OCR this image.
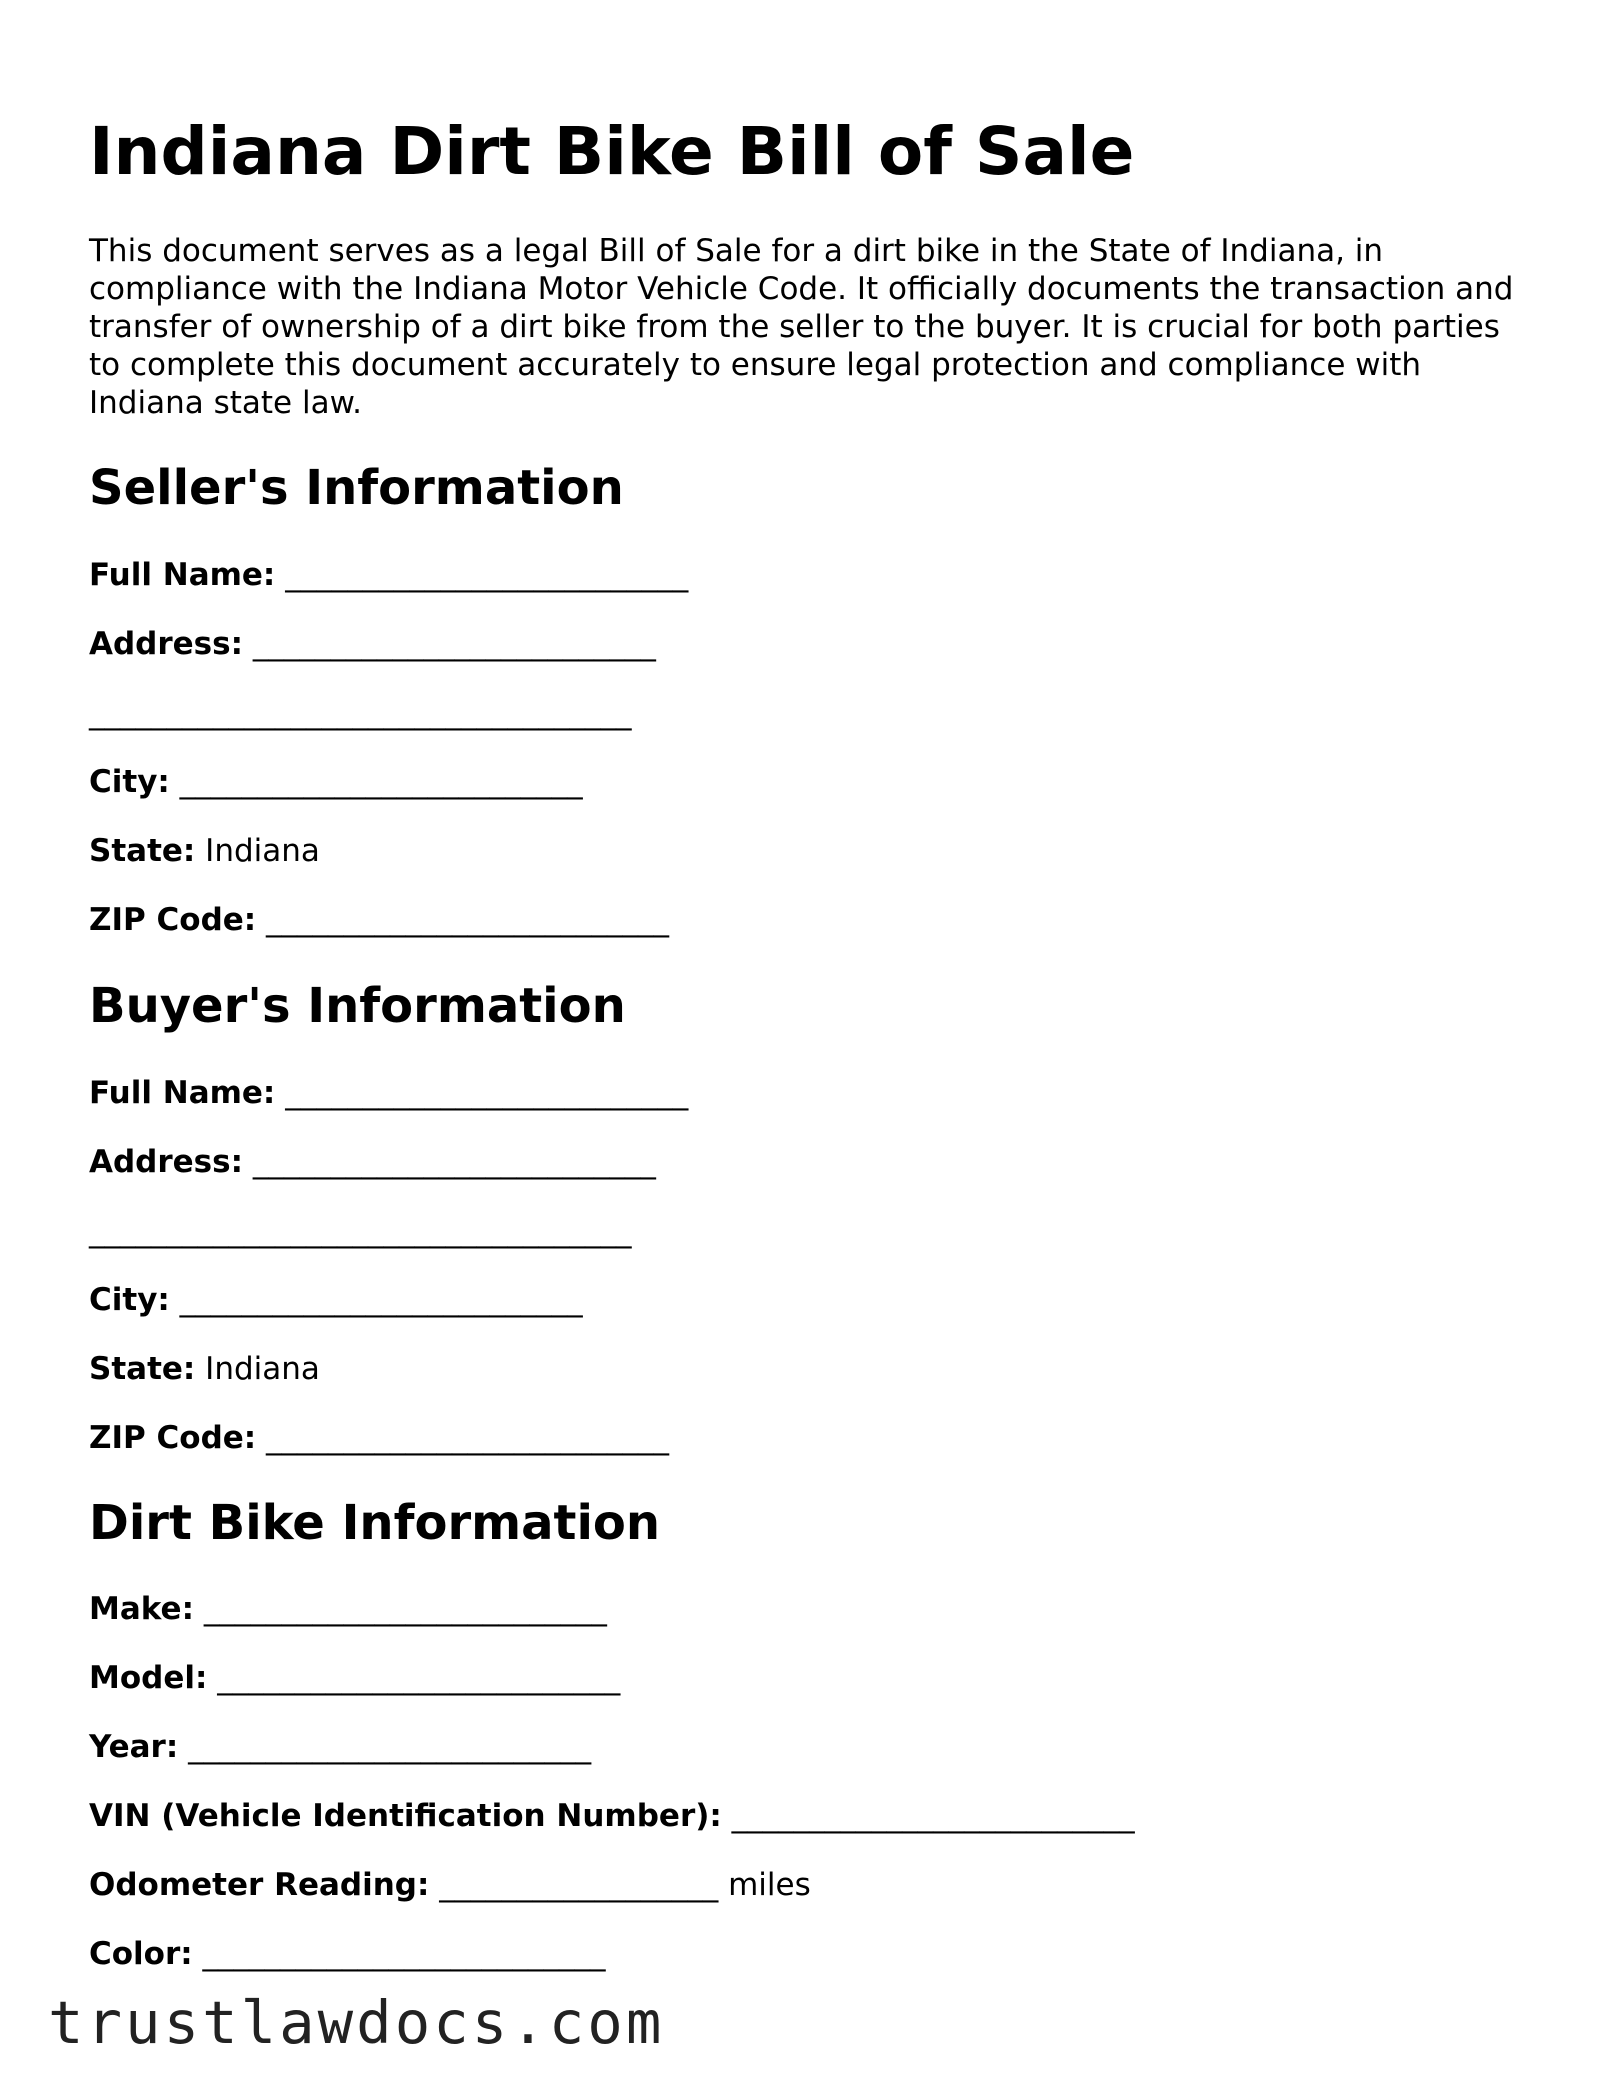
Indiana Dirt Bike Bill of Sale

This document serves as a legal Bill of Sale for a dirt bike in the State of Indiana, in compliance with the Indiana Motor Vehicle Code. It officially documents the transaction and transfer of ownership of a dirt bike from the seller to the buyer. It is crucial for both parties to complete this document accurately to ensure legal protection and compliance with Indiana state law.

Seller's Information

Full Name: __________________________

Address: __________________________

___________________________________

City: __________________________

State: Indiana

ZIP Code: __________________________

Buyer's Information

Full Name: __________________________

Address: __________________________

___________________________________

City: __________________________

State: Indiana

ZIP Code: __________________________

Dirt Bike Information

Make: __________________________

Model: __________________________

Year: __________________________

VIN (Vehicle Identification Number): __________________________

Odometer Reading: __________________ miles

Color: __________________________

trustlawdocs.com
